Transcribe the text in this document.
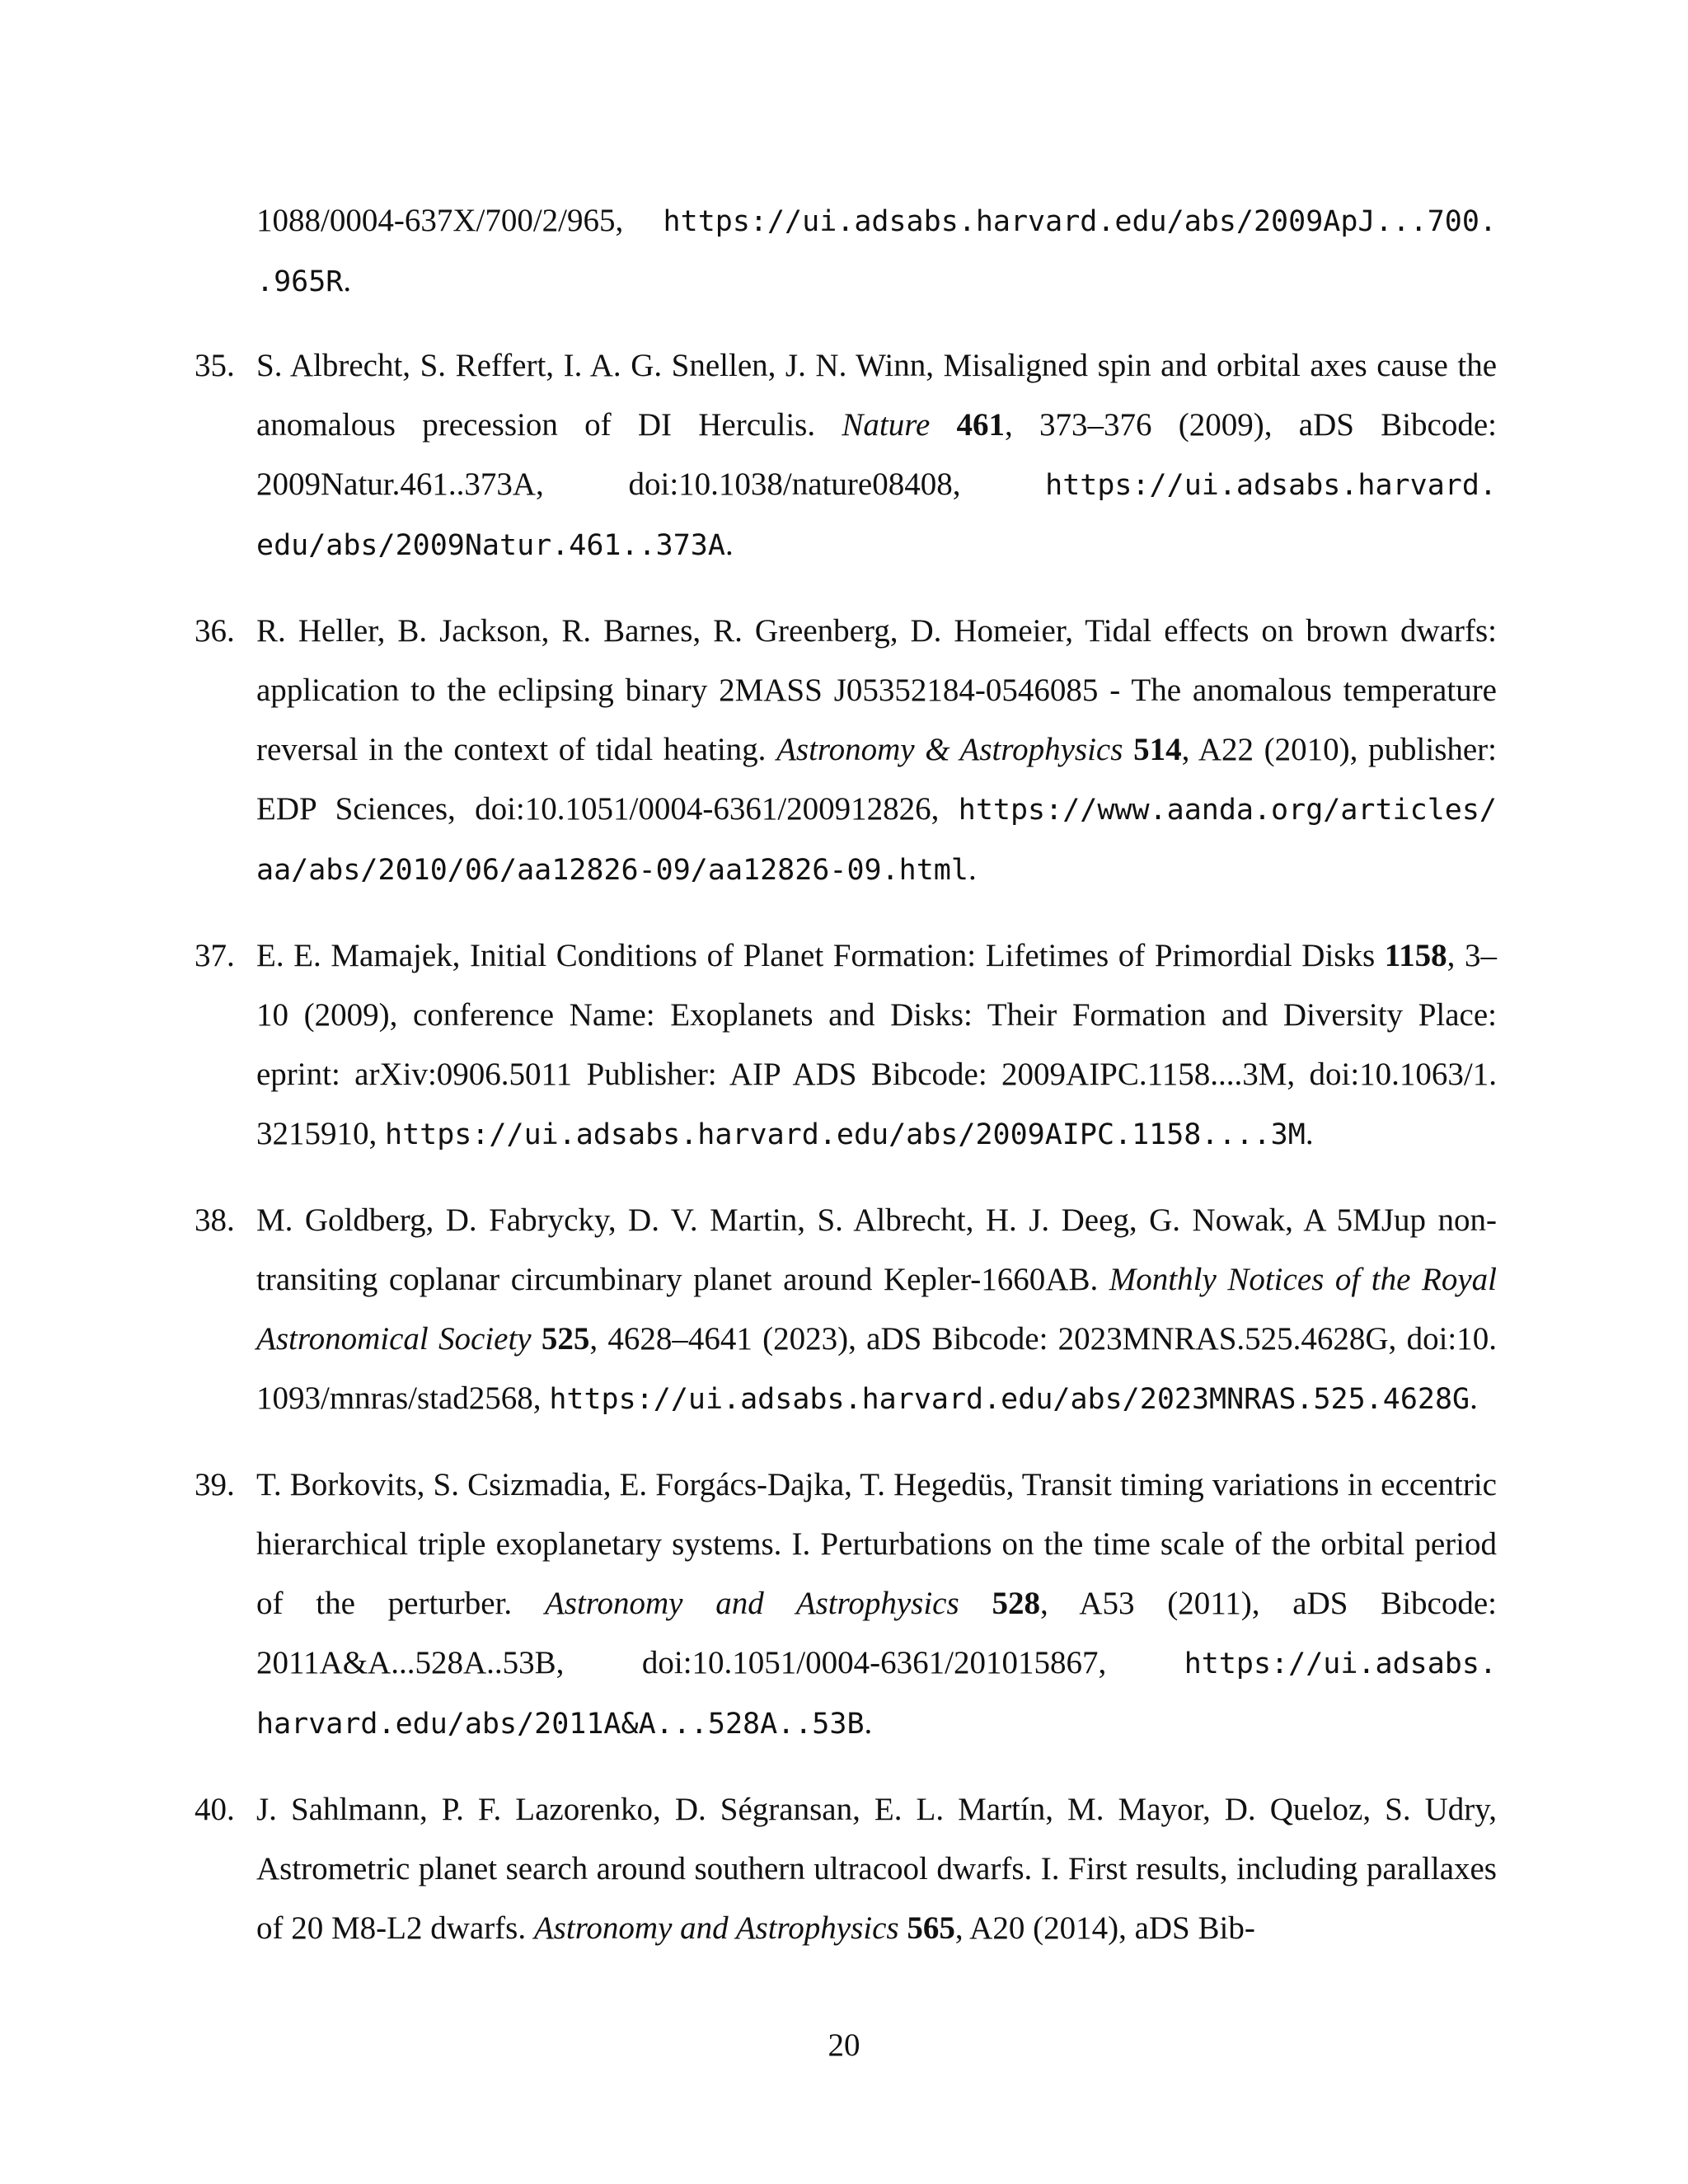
1088/0004-637X/700/2/965, https://ui.adsabs.harvard.edu/abs/2009ApJ...700.​.965R.
35. S. Albrecht, S. Reffert, I. A. G. Snellen, J. N. Winn, Misaligned spin and orbital axes cause the anomalous precession of DI Herculis. Nature 461, 373–376 (2009), aDS Bibcode: 2009Natur.461..373A, doi:10.1038/nature08408, https://ui.adsabs.harvard.​edu/abs/2009Natur.461..373A.
36. R. Heller, B. Jackson, R. Barnes, R. Greenberg, D. Homeier, Tidal effects on brown dwarfs: application to the eclipsing binary 2MASS J05352184-0546085 - The anomalous temperature reversal in the context of tidal heating. Astronomy & Astrophysics 514, A22 (2010), publisher: EDP Sciences, doi:10.1051/0004-6361/200912826, https://www.aanda.org/articles/​aa/abs/2010/06/aa12826-09/aa12826-09.html.
37. E. E. Mamajek, Initial Conditions of Planet Formation: Lifetimes of Primordial Disks 1158, 3–10 (2009), conference Name: Exoplanets and Disks: Their Formation and Diversity Place: eprint: arXiv:0906.5011 Publisher: AIP ADS Bibcode: 2009AIPC.1158....3M, doi:10.1063/1.​3215910, https://ui.adsabs.harvard.edu/abs/2009AIPC.1158....3M.
38. M. Goldberg, D. Fabrycky, D. V. Martin, S. Albrecht, H. J. Deeg, G. Nowak, A 5MJup non-transiting coplanar circumbinary planet around Kepler-1660AB. Monthly Notices of the Royal Astronomical Society 525, 4628–4641 (2023), aDS Bibcode: 2023MNRAS.525.4628G, doi:10.​1093/mnras/stad2568, https://ui.adsabs.harvard.edu/abs/2023MNRAS.525.4628G.
39. T. Borkovits, S. Csizmadia, E. Forgács-Dajka, T. Hegedüs, Transit timing variations in eccentric hierarchical triple exoplanetary systems. I. Perturbations on the time scale of the orbital period of the perturber. Astronomy and Astrophysics 528, A53 (2011), aDS Bibcode: 2011A&A...528A..53B, doi:10.1051/0004-6361/201015867, https://ui.adsabs.​harvard.edu/abs/2011A&A...528A..53B.
40. J. Sahlmann, P. F. Lazorenko, D. Ségransan, E. L. Martín, M. Mayor, D. Queloz, S. Udry, Astrometric planet search around southern ultracool dwarfs. I. First results, including parallaxes of 20 M8-L2 dwarfs. Astronomy and Astrophysics 565, A20 (2014), aDS Bib-
20
